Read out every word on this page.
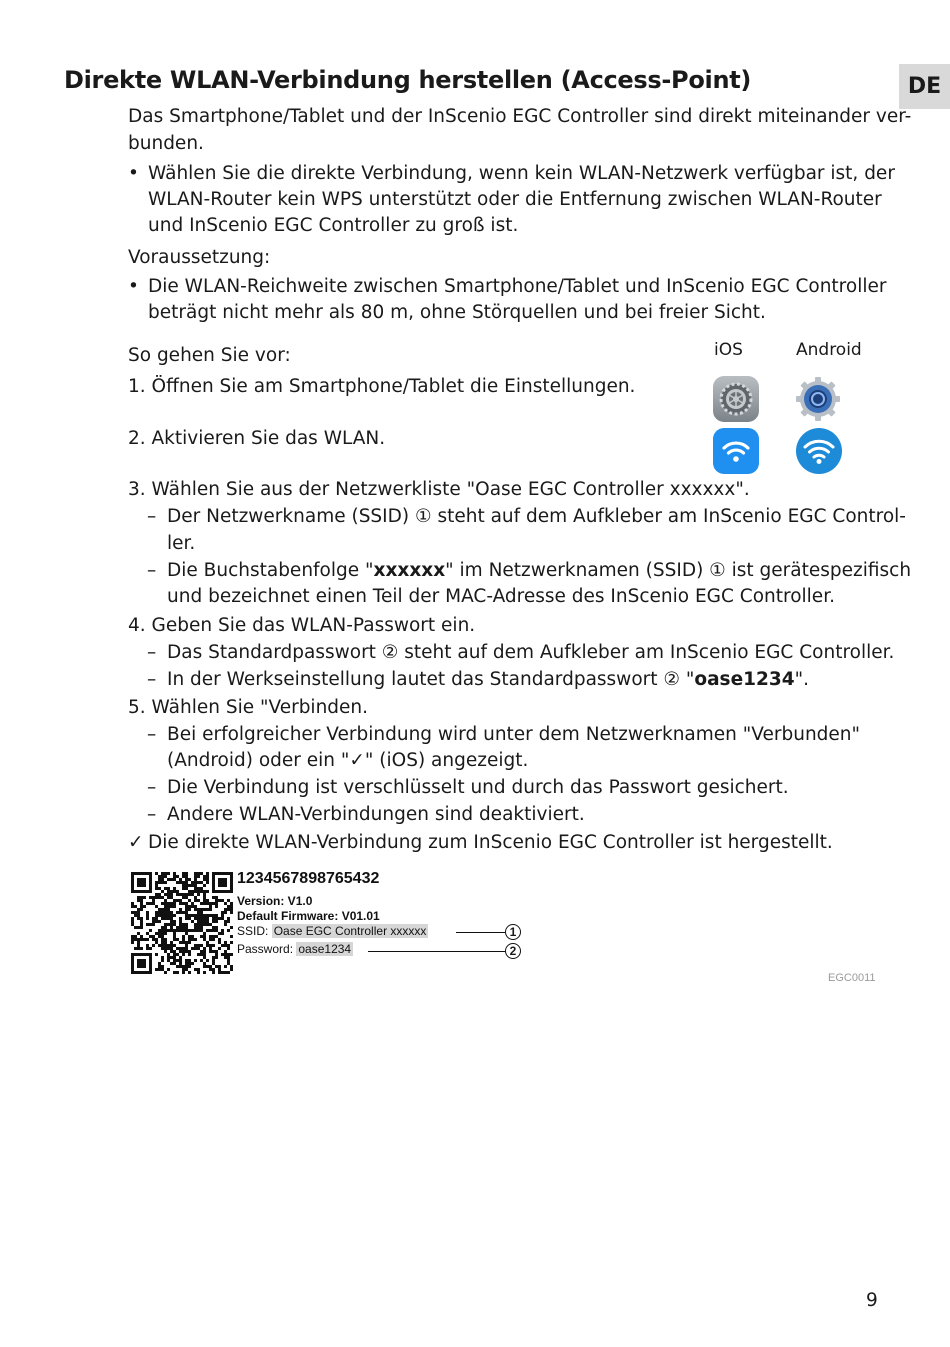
Direkte WLAN-Verbindung herstellen (Access-Point)	DE
Das Smartphone/Tablet und der InScenio EGC Controller sind direkt miteinander ver-
bunden.
• Wählen Sie die direkte Verbindung, wenn kein WLAN-Netzwerk verfügbar ist, der
WLAN-Router kein WPS unterstützt oder die Entfernung zwischen WLAN-Router
und InScenio EGC Controller zu groß ist.
Voraussetzung:
• Die WLAN-Reichweite zwischen Smartphone/Tablet und InScenio EGC Controller
beträgt nicht mehr als 80 m, ohne Störquellen und bei freier Sicht.
So gehen Sie vor:	iOS	Android
1. Öffnen Sie am Smartphone/Tablet die Einstellungen.
2. Aktivieren Sie das WLAN.
3. Wählen Sie aus der Netzwerkliste "Oase EGC Controller xxxxxx".
– Der Netzwerkname (SSID) ① steht auf dem Aufkleber am InScenio EGC Control-
ler.
– Die Buchstabenfolge "xxxxxx" im Netzwerknamen (SSID) ① ist gerätespezifisch
und bezeichnet einen Teil der MAC-Adresse des InScenio EGC Controller.
4. Geben Sie das WLAN-Passwort ein.
– Das Standardpasswort ② steht auf dem Aufkleber am InScenio EGC Controller.
– In der Werkseinstellung lautet das Standardpasswort ② "oase1234".
5. Wählen Sie "Verbinden.
– Bei erfolgreicher Verbindung wird unter dem Netzwerknamen "Verbunden"
(Android) oder ein "✓" (iOS) angezeigt.
– Die Verbindung ist verschlüsselt und durch das Passwort gesichert.
– Andere WLAN-Verbindungen sind deaktiviert.
✓ Die direkte WLAN-Verbindung zum InScenio EGC Controller ist hergestellt.
1234567898765432
Version: V1.0
Default Firmware: V01.01
SSID: Oase EGC Controller xxxxxx
Password: oase1234
1
2
EGC0011
9
